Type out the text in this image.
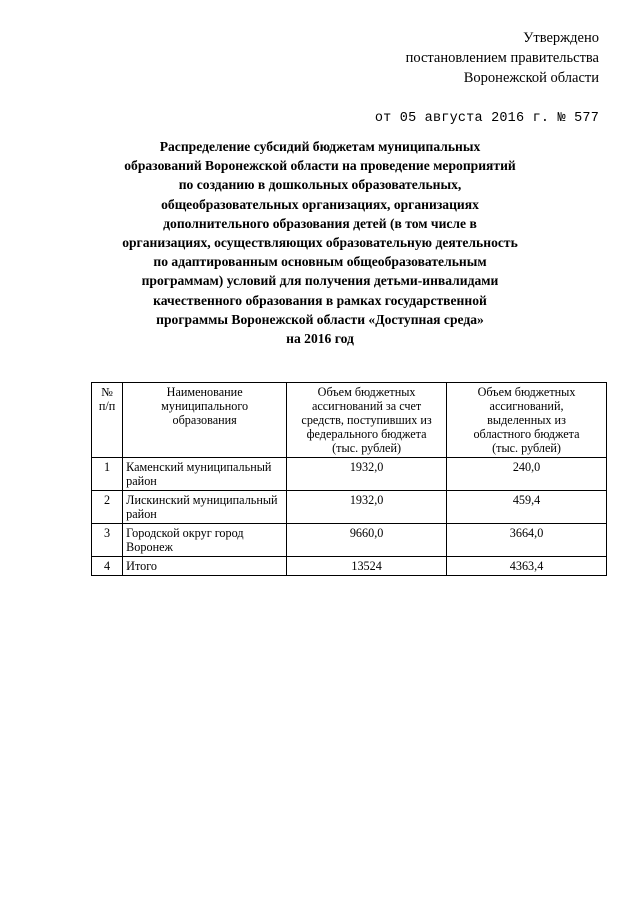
Утверждено
постановлением правительства
Воронежской области
от 05 августа 2016 г. № 577
Распределение субсидий бюджетам муниципальных
образований Воронежской области на проведение мероприятий
по созданию в дошкольных образовательных,
общеобразовательных организациях, организациях
дополнительного образования детей (в том числе в
организациях, осуществляющих образовательную деятельность
по адаптированным основным общеобразовательным
программам) условий для получения детьми-инвалидами
качественного образования в рамках государственной
программы Воронежской области «Доступная среда»
на 2016 год
№
п/п	Наименование
муниципального
образования	Объем бюджетных
ассигнований за счет
средств, поступивших из
федерального бюджета
(тыс. рублей)	Объем бюджетных
ассигнований,
выделенных из
областного бюджета
(тыс. рублей)

1	Каменский муниципальный район	1932,0	240,0
2	Лискинский муниципальный район	1932,0	459,4
3	Городской округ город Воронеж	9660,0	3664,0
4	Итого	13524	4363,4
